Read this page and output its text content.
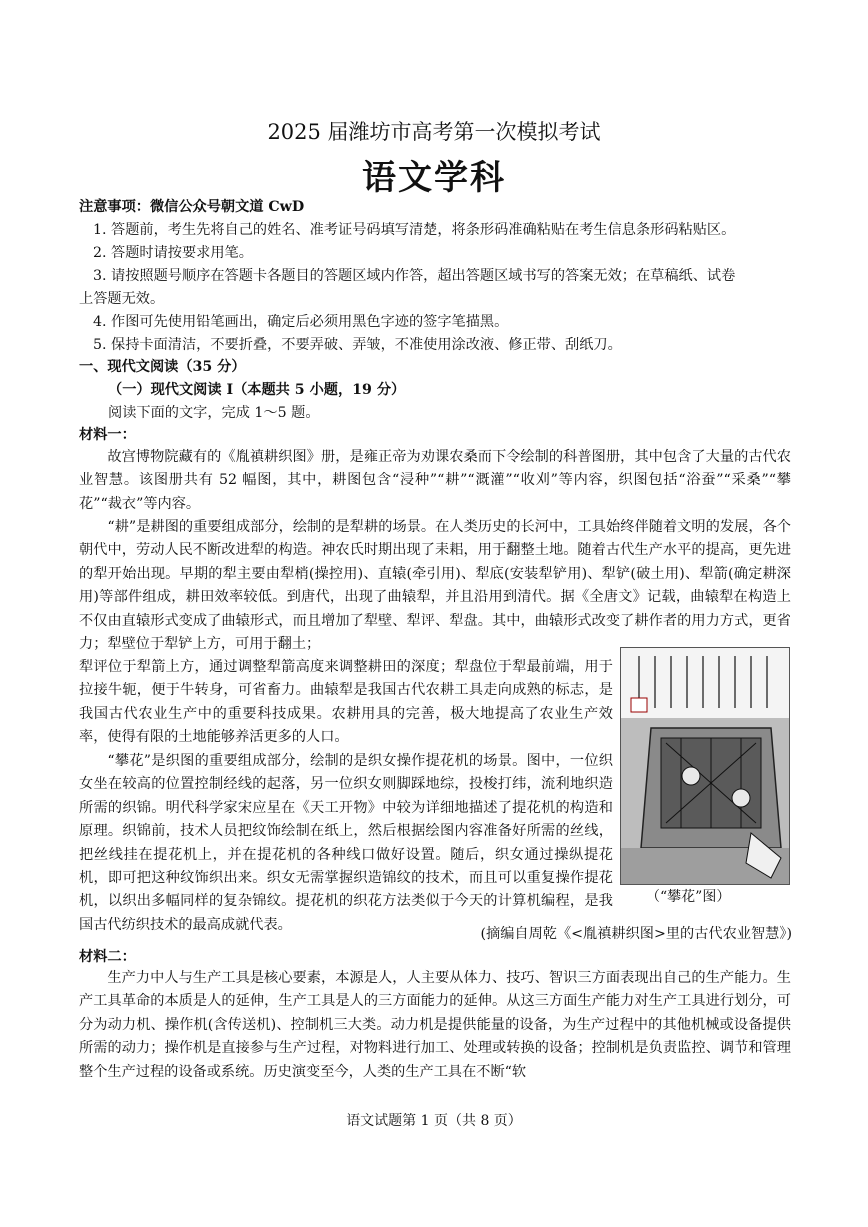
2025 届潍坊市高考第一次模拟考试
语文学科
注意事项：微信公众号朝文道 CwD
1. 答题前，考生先将自己的姓名、准考证号码填写清楚，将条形码准确粘贴在考生信息条形码粘贴区。
2. 答题时请按要求用笔。
3. 请按照题号顺序在答题卡各题目的答题区域内作答，超出答题区域书写的答案无效；在草稿纸、试卷
上答题无效。
4. 作图可先使用铅笔画出，确定后必须用黑色字迹的签字笔描黑。
5. 保持卡面清洁，不要折叠，不要弄破、弄皱，不准使用涂改液、修正带、刮纸刀。
一、现代文阅读（35 分）
（一）现代文阅读 I（本题共 5 小题，19 分）
阅读下面的文字，完成 1～5 题。
材料一：
故宫博物院藏有的《胤禛耕织图》册，是雍正帝为劝课农桑而下令绘制的科普图册，其中包含了大量的古代农业智慧。该图册共有 52 幅图，其中，耕图包含“浸种”“耕”“溉灌”“收刈”等内容，织图包括“浴蚕”“采桑”“攀花”“裁衣”等内容。
“耕”是耕图的重要组成部分，绘制的是犁耕的场景。在人类历史的长河中，工具始终伴随着文明的发展，各个朝代中，劳动人民不断改进犁的构造。神农氏时期出现了耒耜，用于翻整土地。随着古代生产水平的提高，更先进的犁开始出现。早期的犁主要由犁梢(操控用)、直辕(牵引用)、犁底(安装犁铲用)、犁铲(破土用)、犁箭(确定耕深用)等部件组成，耕田效率较低。到唐代，出现了曲辕犁，并且沿用到清代。据《全唐文》记载，曲辕犁在构造上不仅由直辕形式变成了曲辕形式，而且增加了犁壁、犁评、犁盘。其中，曲辕形式改变了耕作者的用力方式，更省力；犁壁位于犁铲上方，可用于翻土；
犁评位于犁箭上方，通过调整犁箭高度来调整耕田的深度；犁盘位于犁最前端，用于拉接牛轭，便于牛转身，可省畜力。曲辕犁是我国古代农耕工具走向成熟的标志，是我国古代农业生产中的重要科技成果。农耕用具的完善，极大地提高了农业生产效率，使得有限的土地能够养活更多的人口。
“攀花”是织图的重要组成部分，绘制的是织女操作提花机的场景。图中，一位织女坐在较高的位置控制经线的起落，另一位织女则脚踩地综，投梭打纬，流利地织造所需的织锦。明代科学家宋应星在《天工开物》中较为详细地描述了提花机的构造和原理。织锦前，技术人员把纹饰绘制在纸上，然后根据绘图内容准备好所需的丝线，把丝线挂在提花机上，并在提花机的各种线口做好设置。随后，织女通过操纵提花机，即可把这种纹饰织出来。织女无需掌握织造锦纹的技术，而且可以重复操作提花机，以织出多幅同样的复杂锦纹。提花机的织花方法类似于今天的计算机编程，是我国古代纺织技术的最高成就代表。
（“攀花”图）
(摘编自周乾《<胤禛耕织图>里的古代农业智慧》)
材料二：
生产力中人与生产工具是核心要素，本源是人，人主要从体力、技巧、智识三方面表现出自己的生产能力。生产工具革命的本质是人的延伸，生产工具是人的三方面能力的延伸。从这三方面生产能力对生产工具进行划分，可分为动力机、操作机(含传送机)、控制机三大类。动力机是提供能量的设备，为生产过程中的其他机械或设备提供所需的动力；操作机是直接参与生产过程，对物料进行加工、处理或转换的设备；控制机是负责监控、调节和管理整个生产过程的设备或系统。历史演变至今，人类的生产工具在不断“软
语文试题第 1 页（共 8 页）
